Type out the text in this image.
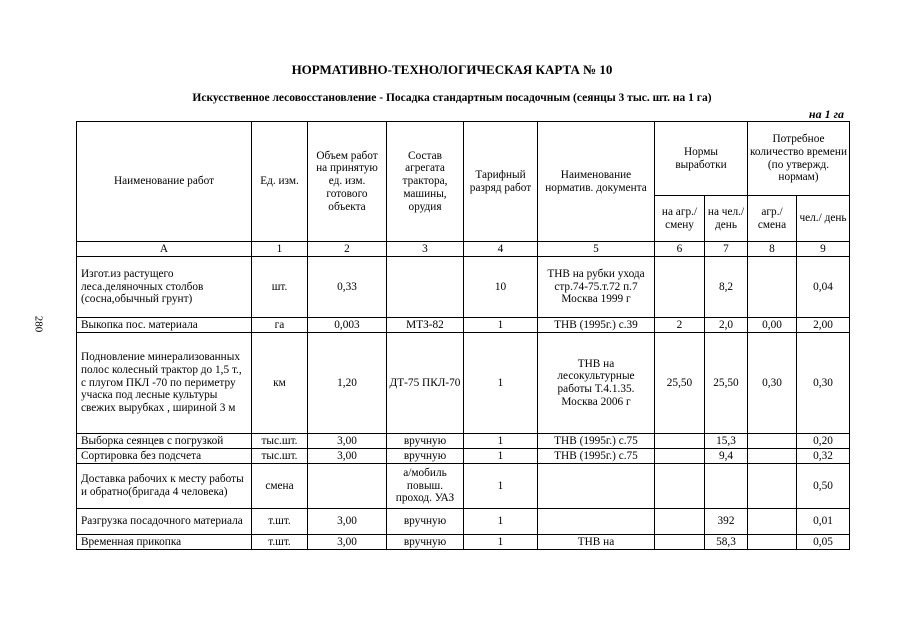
280
НОРМАТИВНО-ТЕХНОЛОГИЧЕСКАЯ КАРТА № 10
Искусственное лесовосстановление - Посадка стандартным посадочным (сеянцы 3 тыс. шт. на 1 га)
на 1 га
Наименование работ	Ед. изм.	Объем работ на принятую ед. изм. готового объекта	Состав агрегата трактора, машины, орудия	Тарифный разряд работ	Наименование норматив. документа	Нормы выработки		Потребное количество времени (по утвержд. нормам)	
						на агр./ смену	на чел./ день	агр./ смена	чел./ день
А	1	2	3	4	5	6	7	8	9
Изгот.из растущего леса.деляночных столбов (сосна,обычный грунт)	шт.	0,33		10	ТНВ на рубки ухода стр.74-75.т.72 п.7 Москва 1999 г		8,2		0,04
Выкопка пос. материала	га	0,003	МТЗ-82	1	ТНВ (1995г.) с.39	2	2,0	0,00	2,00
Подновление минерализованных полос колесный трактор до 1,5 т., с плугом ПКЛ -70 по периметру учаска под лесные культуры свежих вырубках , шириной 3 м	км	1,20	ДТ-75 ПКЛ-70	1	ТНВ на лесокультурные работы Т.4.1.35. Москва 2006 г	25,50	25,50	0,30	0,30
Выборка сеянцев с погрузкой	тыс.шт.	3,00	вручную	1	ТНВ (1995г.) с.75		15,3		0,20
Сортировка без подсчета	тыс.шт.	3,00	вручную	1	ТНВ (1995г.) с.75		9,4		0,32
Доставка рабочих к месту работы и обратно(бригада 4 человека)	смена		а/мобиль повыш. проход. УАЗ	1					0,50
Разгрузка посадочного материала	т.шт.	3,00	вручную	1			392		0,01
Временная прикопка	т.шт.	3,00	вручную	1	ТНВ на		58,3		0,05
